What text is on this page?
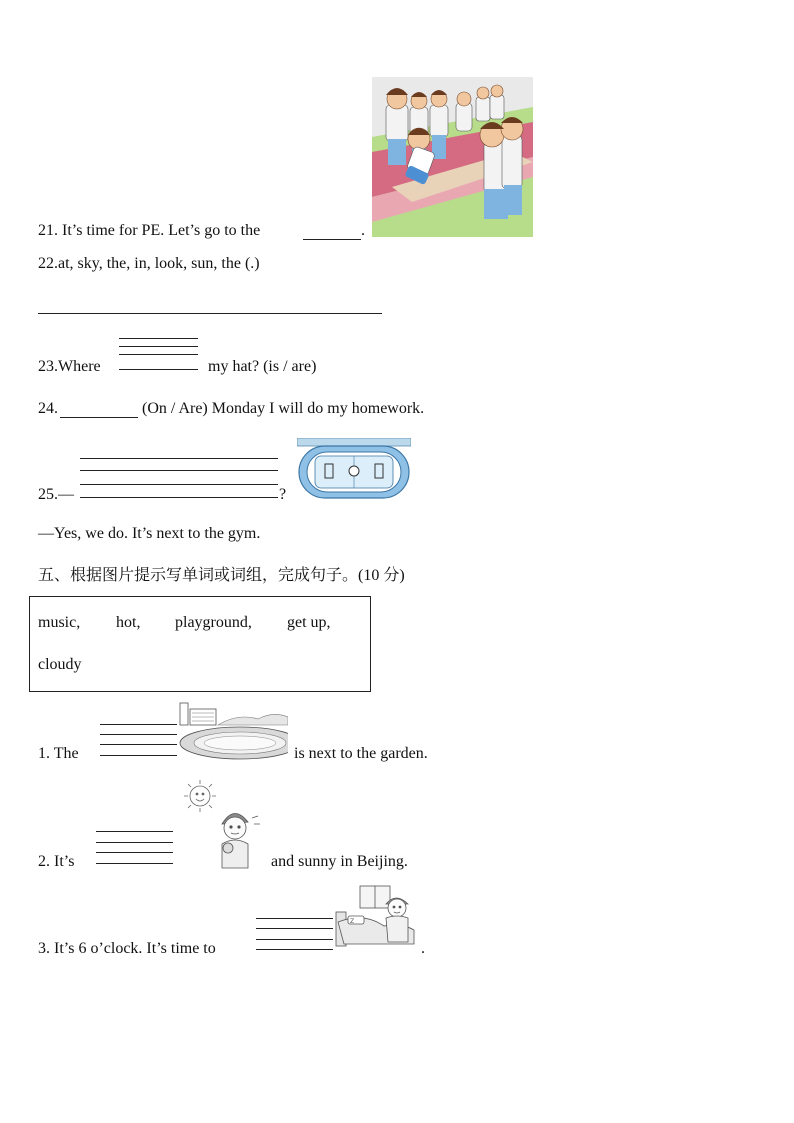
21. It’s time for PE. Let’s go to the	.
22.at, sky, the, in, look, sun, the (.)
23.Where	my hat? (is / are)
24.	(On / Are) Monday I will do my homework.
25.—	?
—Yes, we do. It’s next to the gym.
五、根据图片提示写单词或词组，完成句子。(10 分)
music, hot, playground, get up,
cloudy
1. The	is next to the garden.
2. It’s	and sunny in Beijing.
3. It’s 6 o’clock. It’s time to
Z
.
